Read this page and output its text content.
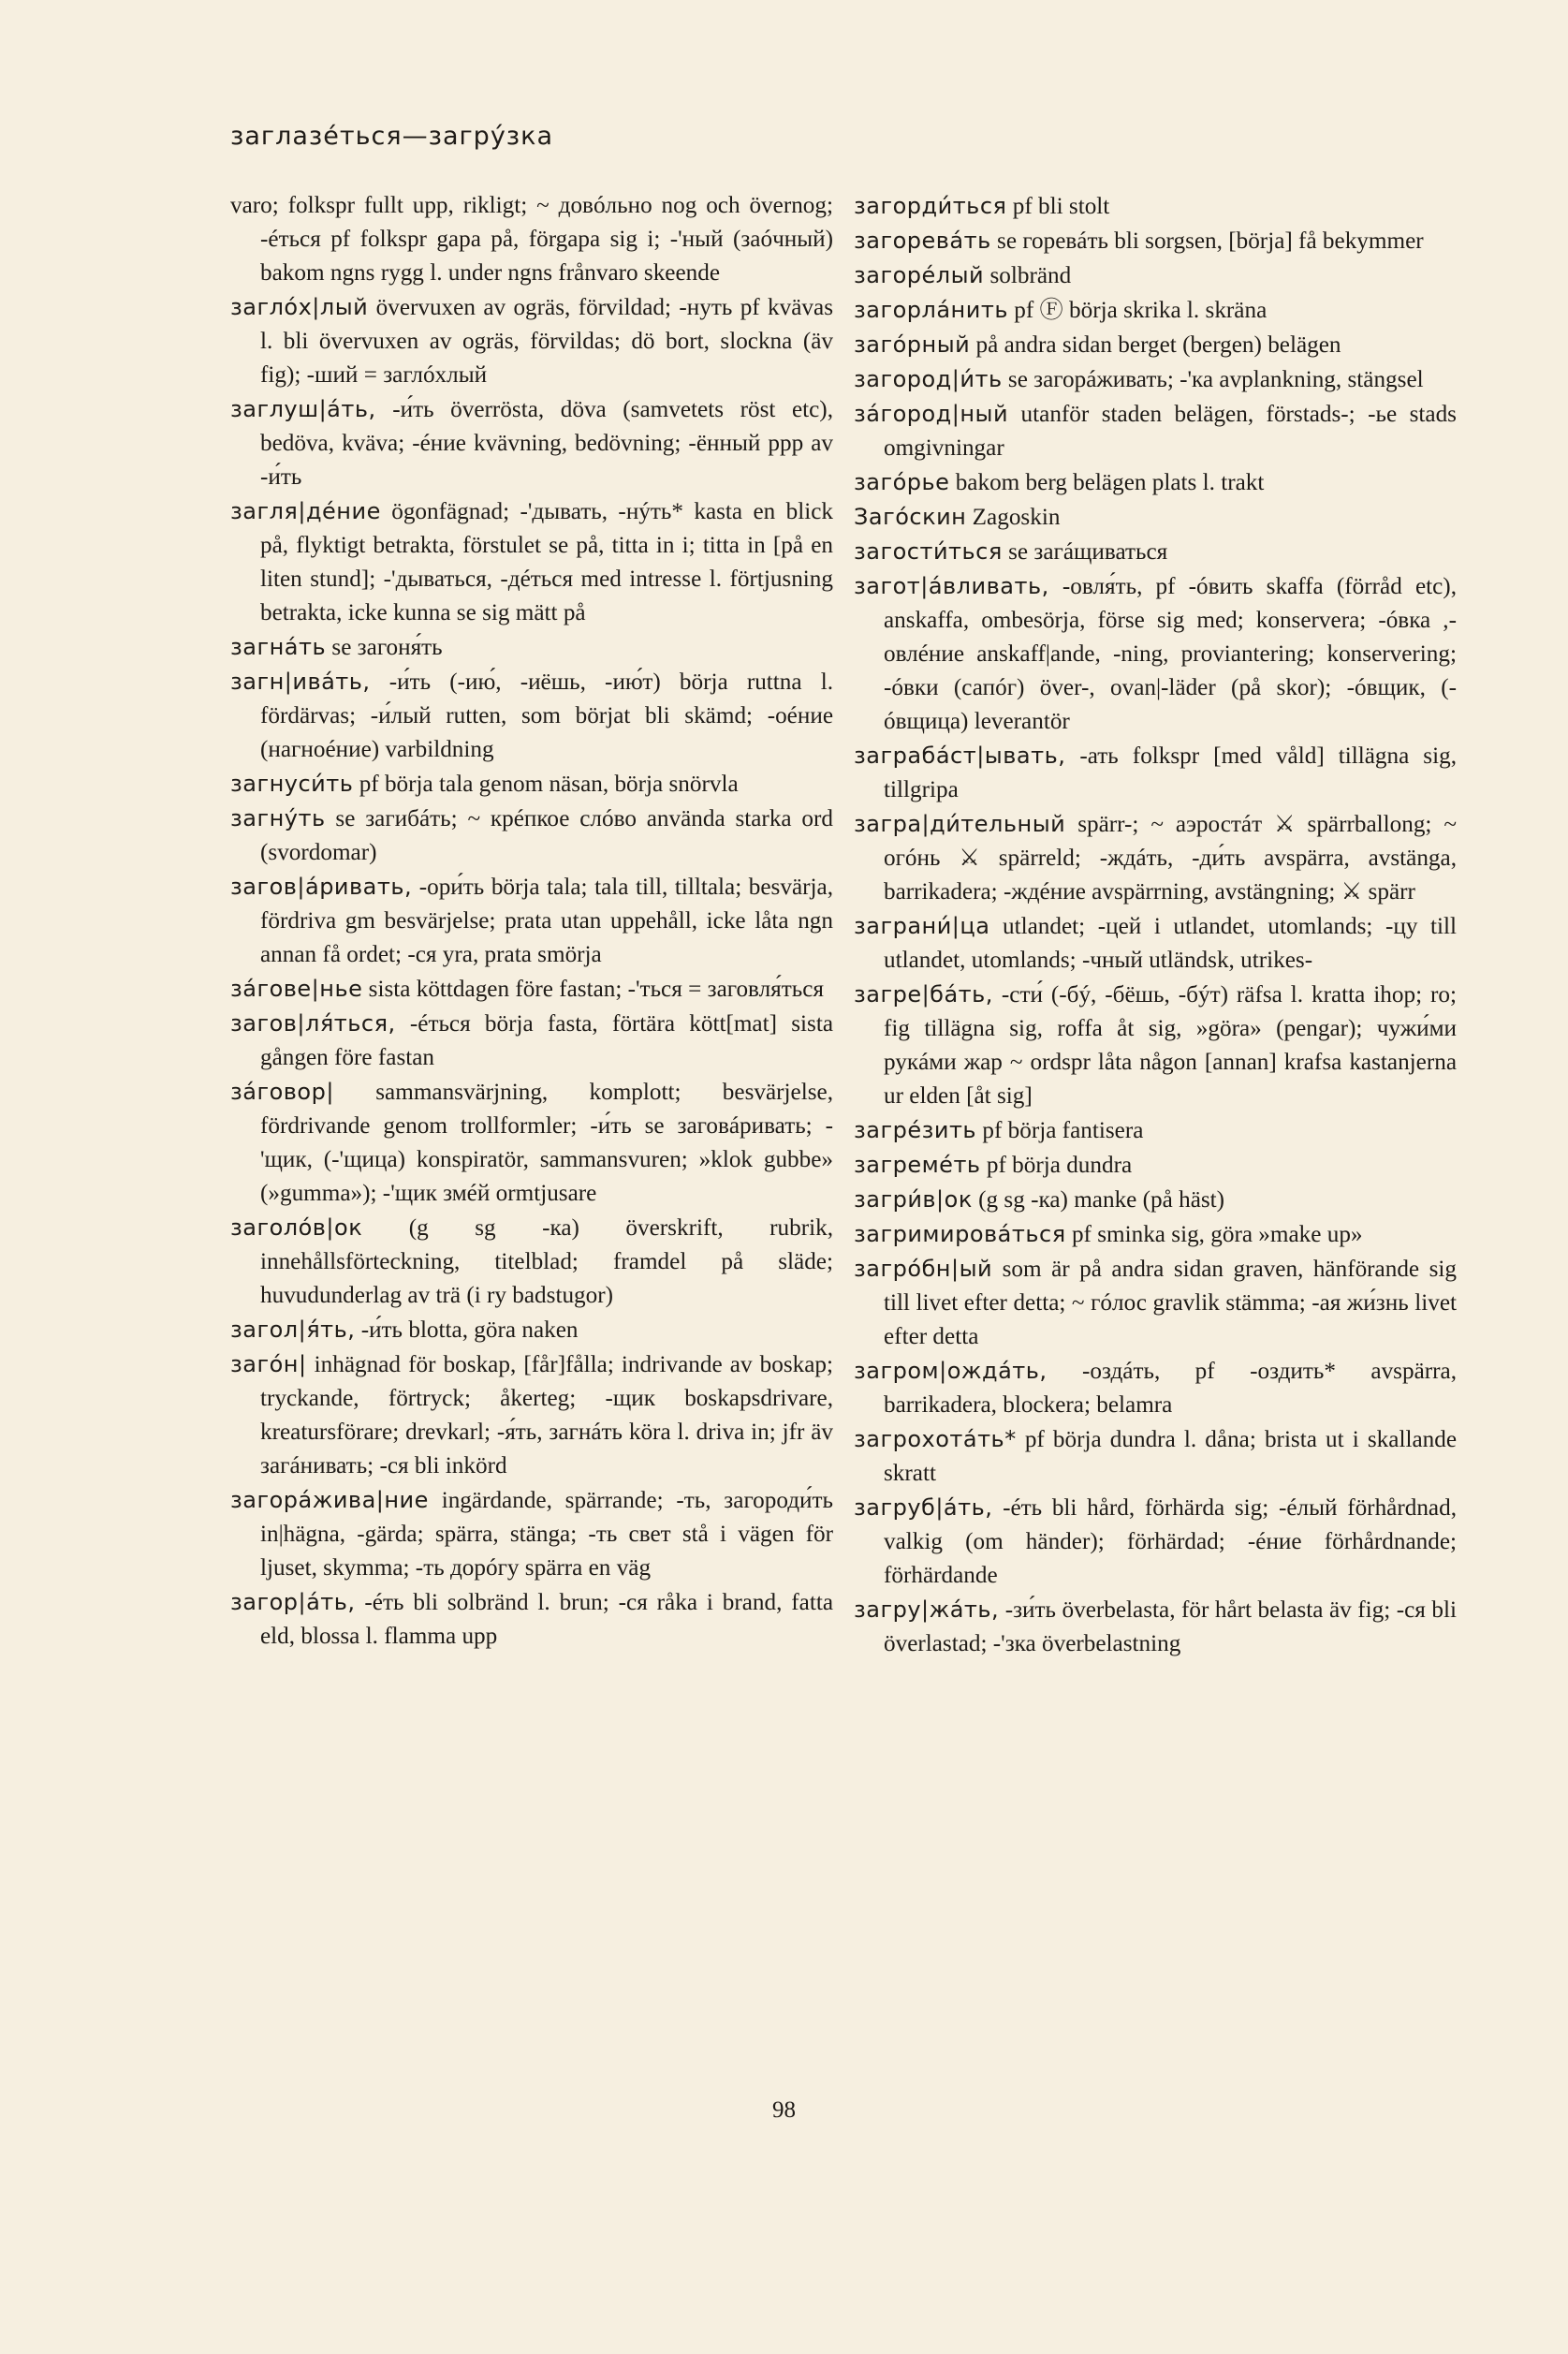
заглазéться—загрýзка

varo; folkspr fullt upp, rikligt; ~ довóльно nog och övernog; -éться pf folkspr gapa på, förgapa sig i; -'ный (заóчный) bakom ngns rygg l. under ngns frånvaro skeende

заглóх|лый övervuxen av ogräs, förvildad; -нуть pf kvävas l. bli övervuxen av ogräs, förvildas; dö bort, slockna (äv fig); -ший = заглóхлый

заглуш|áть, -и́ть överrösta, döva (samvetets röst etc), bedöva, kväva; -éние kvävning, bedövning; -ённый ppp av -и́ть

загля|дéние ögonfägnad; -'дывать, -нýть* kasta en blick på, flyktigt betrakta, förstulet se på, titta in i; titta in [på en liten stund]; -'дываться, -дéться med intresse l. förtjusning betrakta, icke kunna se sig mätt på

загнáть se загоня́ть

загн|ивáть, -и́ть (-ию́, -иёшь, -ию́т) börja ruttna l. fördärvas; -и́лый rutten, som börjat bli skämd; -оéние (нагноéние) varbildning

загнуси́ть pf börja tala genom näsan, börja snörvla

загнýть se загибáть; ~ крéпкое слóво använda starka ord (svordomar)

загов|áривать, -ори́ть börja tala; tala till, tilltala; besvärja, fördriva gm besvärjelse; prata utan uppehåll, icke låta ngn annan få ordet; -ся yra, prata smörja

зáгове|нье sista köttdagen före fastan; -'ться = заговля́ться

загов|ля́ться, -éться börja fasta, förtära kött[mat] sista gången före fastan

зáговор| sammansvärjning, komplott; besvärjelse, fördrivande genom trollformler; -и́ть se заговáривать; -'щик, (-'щица) konspiratör, sammansvuren; »klok gubbe» (»gumma»); -'щик змéй ormtjusare

заголóв|ок (g sg -ка) överskrift, rubrik, innehållsförteckning, titelblad; framdel på släde; huvudunderlag av trä (i ry badstugor)

загол|я́ть, -и́ть blotta, göra naken

загóн| inhägnad för boskap, [får]fålla; indrivande av boskap; tryckande, förtryck; åkerteg; -щик boskapsdrivare, kreatursförare; drevkarl; -я́ть, загнáть köra l. driva in; jfr äv загáнивать; -ся bli inkörd

загорáжива|ние ingärdande, spärrande; -ть, загороди́ть in|hägna, -gärda; spärra, stänga; -ть свет stå i vägen för ljuset, skymma; -ть дорóгу spärra en väg

загор|áть, -éть bli solbränd l. brun; -ся råka i brand, fatta eld, blossa l. flamma upp

загорди́ться pf bli stolt

загоревáть se горевáть bli sorgsen, [börja] få bekymmer

загорéлый solbränd

загорлáнить pf Ⓕ börja skrika l. skräna

загóрный på andra sidan berget (bergen) belägen

загород|и́ть se загорáживать; -'ка avplankning, stängsel

зáгород|ный utanför staden belägen, förstads-; -ье stads omgivningar

загóрье bakom berg belägen plats l. trakt

Загóскин Zagoskin

загости́ться se загáщиваться

загот|áвливать, -овля́ть, pf -óвить skaffa (förråd etc), anskaffa, ombesörja, förse sig med; konservera; -óвка ,-овлéние anskaff|ande, -ning, proviantering; konservering; -óвки (сапóг) över-, ovan|-läder (på skor); -óвщик, (-óвщица) leverantör

заграбáст|ывать, -ать folkspr [med våld] tillägna sig, tillgripa

загра|ди́тельный spärr-; ~ аэростáт ⚔ spärrballong; ~ огóнь ⚔ spärreld; -ждáть, -ди́ть avspärra, avstänga, barrikadera; -ждéние avspärrning, avstängning; ⚔ spärr

заграни́|ца utlandet; -цей i utlandet, utomlands; -цу till utlandet, utomlands; -чный utländsk, utrikes-

загре|бáть, -сти́ (-бý, -бёшь, -бýт) räfsa l. kratta ihop; ro; fig tillägna sig, roffa åt sig, »göra» (pengar); чужи́ми рукáми жар ~ ordspr låta någon [annan] krafsa kastanjerna ur elden [åt sig]

загрéзить pf börja fantisera

загремéть pf börja dundra

загри́в|ок (g sg -ка) manke (på häst)

загримировáться pf sminka sig, göra »make up»

загрóбн|ый som är på andra sidan graven, hänförande sig till livet efter detta; ~ гóлос gravlik stämma; -ая жи́знь livet efter detta

загром|ождáть, -оздáть, pf -оздить* avspärra, barrikadera, blockera; belamra

загрохотáть* pf börja dundra l. dåna; brista ut i skallande skratt

загруб|áть, -éть bli hård, förhärda sig; -éлый förhårdnad, valkig (om händer); förhärdad; -éние förhårdnande; förhärdande

загру|жáть, -зи́ть överbelasta, för hårt belasta äv fig; -ся bli överlastad; -'зка överbelastning

98
